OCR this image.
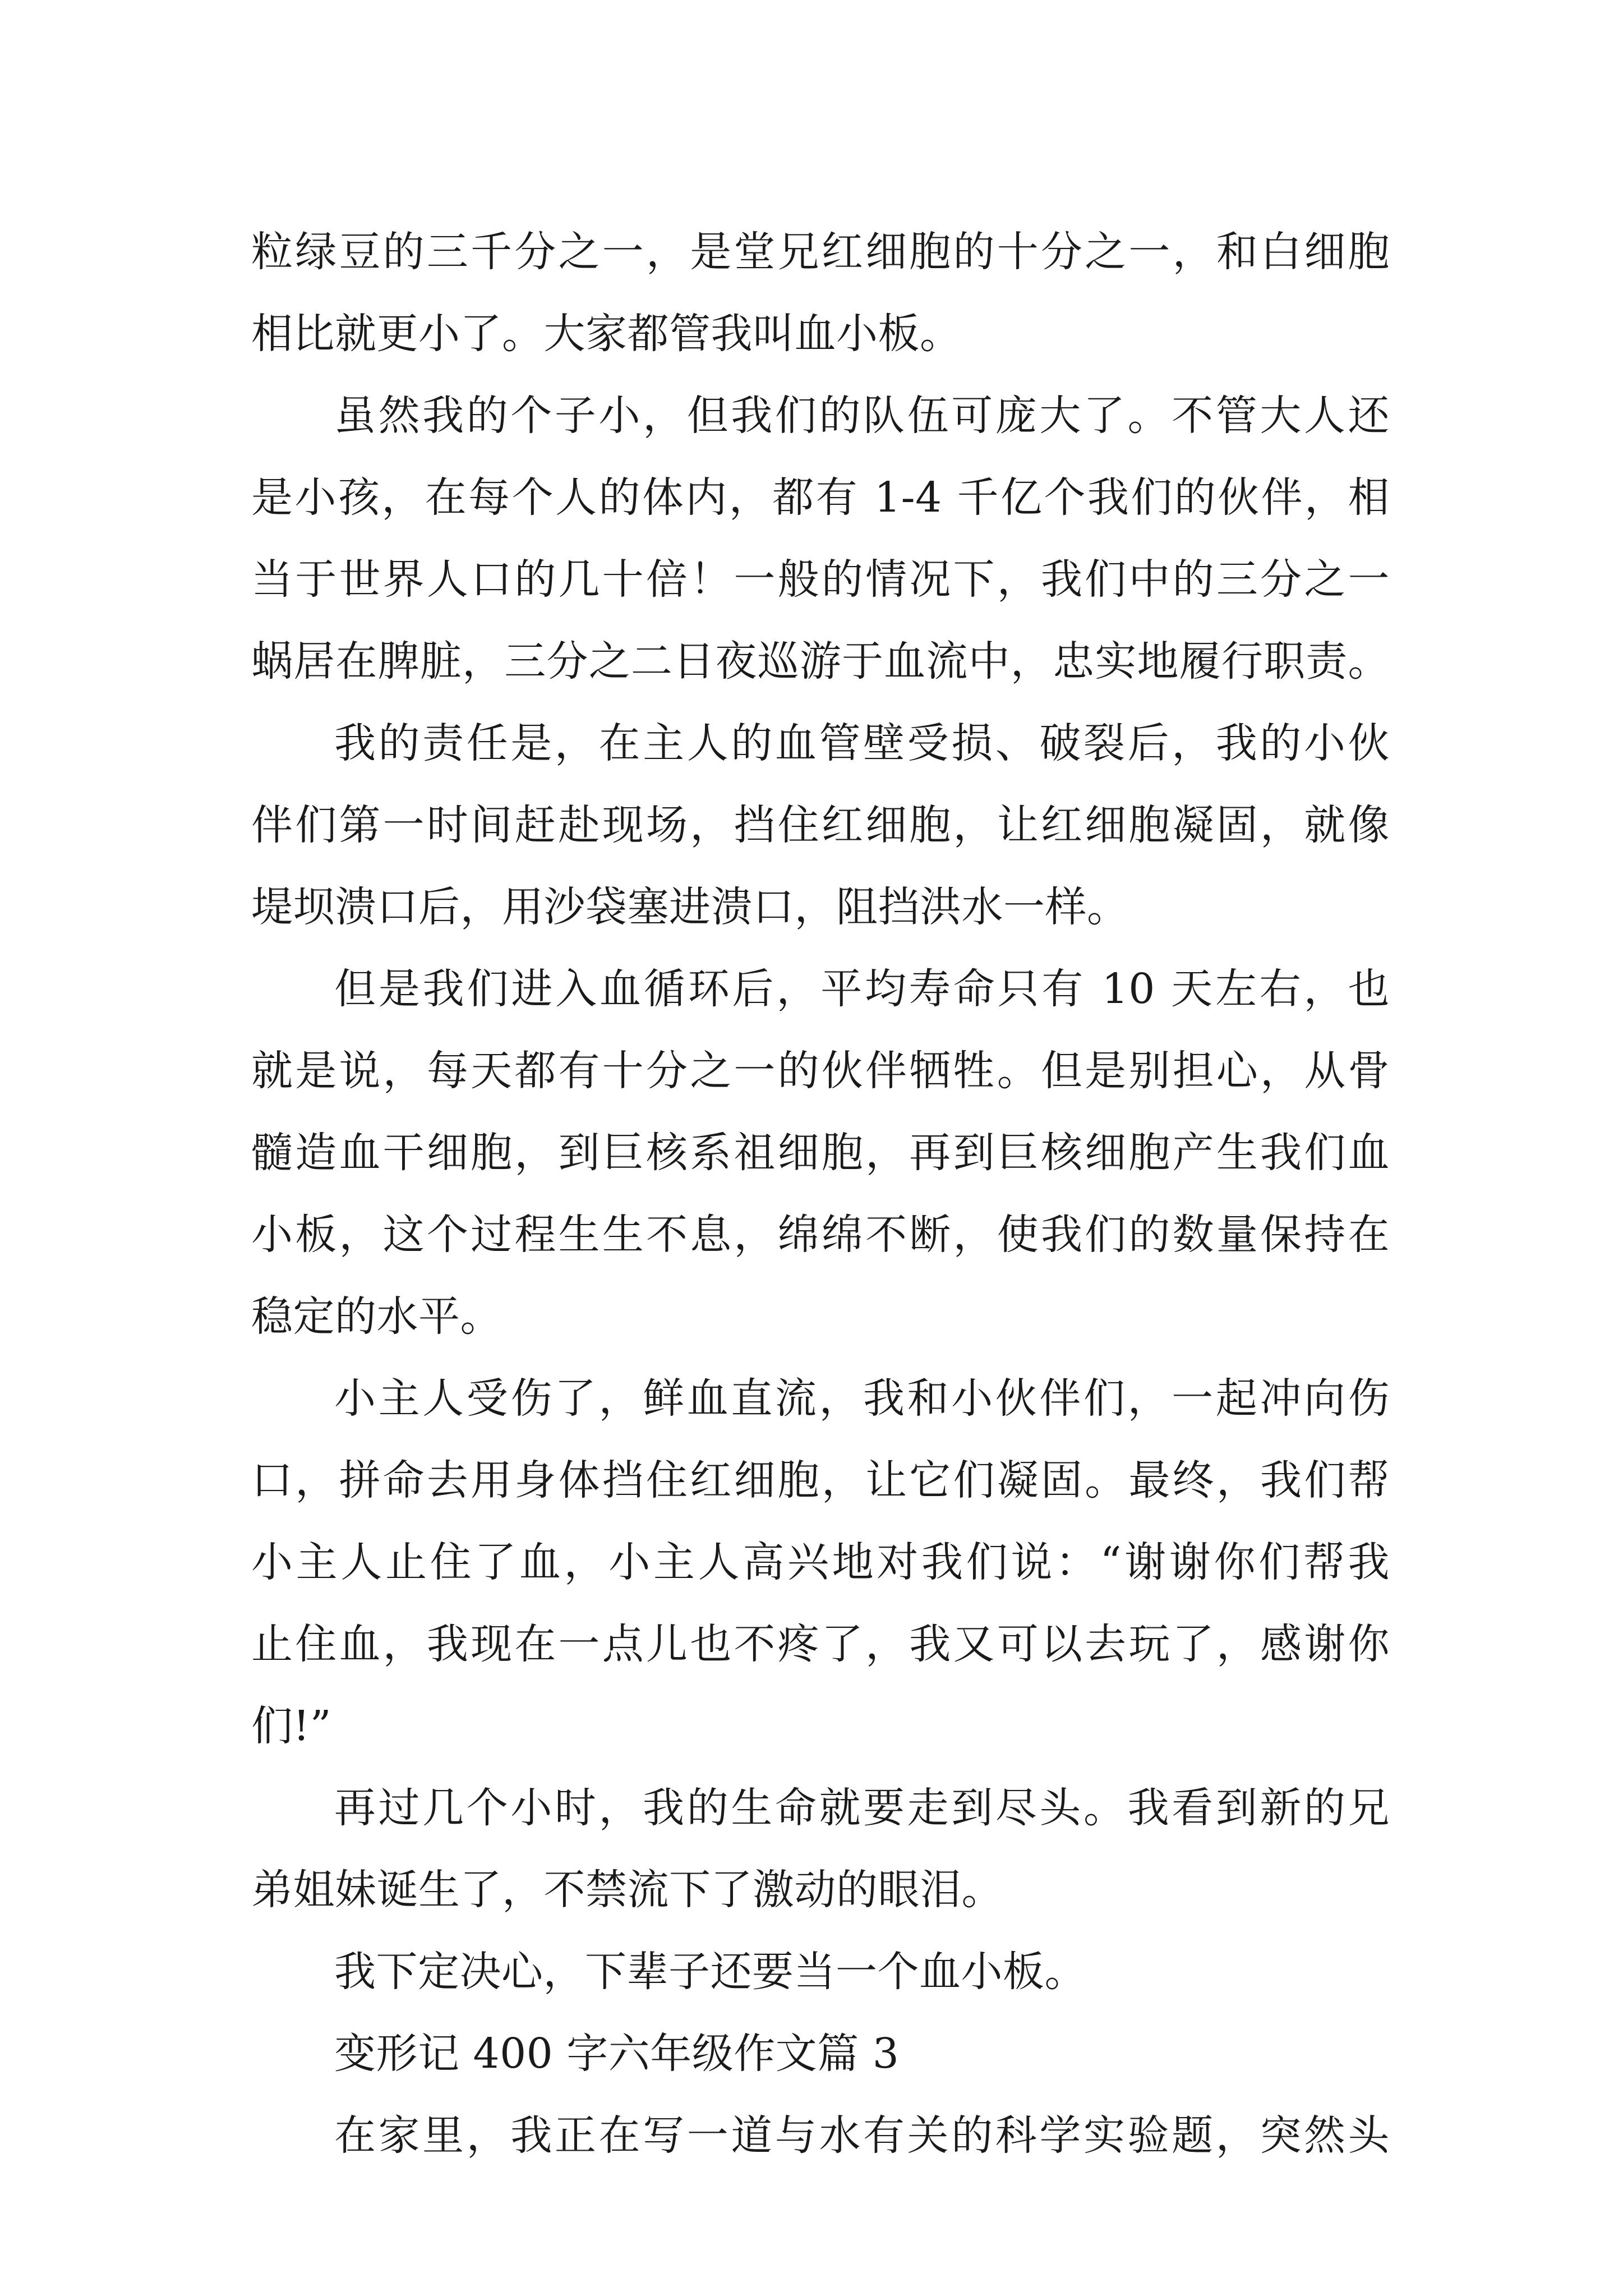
粒绿豆的三千分之一，是堂兄红细胞的十分之一，和白细胞
相比就更小了。大家都管我叫血小板。
虽然我的个子小，但我们的队伍可庞大了。不管大人还
是小孩，在每个人的体内，都有 1-4 千亿个我们的伙伴，相
当于世界人口的几十倍！一般的情况下，我们中的三分之一
蜗居在脾脏，三分之二日夜巡游于血流中，忠实地履行职责。
我的责任是，在主人的血管壁受损、破裂后，我的小伙
伴们第一时间赶赴现场，挡住红细胞，让红细胞凝固，就像
堤坝溃口后，用沙袋塞进溃口，阻挡洪水一样。
但是我们进入血循环后，平均寿命只有 10 天左右，也
就是说，每天都有十分之一的伙伴牺牲。但是别担心，从骨
髓造血干细胞，到巨核系祖细胞，再到巨核细胞产生我们血
小板，这个过程生生不息，绵绵不断，使我们的数量保持在
稳定的水平。
小主人受伤了，鲜血直流，我和小伙伴们，一起冲向伤
口，拼命去用身体挡住红细胞，让它们凝固。最终，我们帮
小主人止住了血，小主人高兴地对我们说：“谢谢你们帮我
止住血，我现在一点儿也不疼了，我又可以去玩了，感谢你
们!”
再过几个小时，我的生命就要走到尽头。我看到新的兄
弟姐妹诞生了，不禁流下了激动的眼泪。
我下定决心，下辈子还要当一个血小板。
变形记 400 字六年级作文篇 3
在家里，我正在写一道与水有关的科学实验题，突然头
